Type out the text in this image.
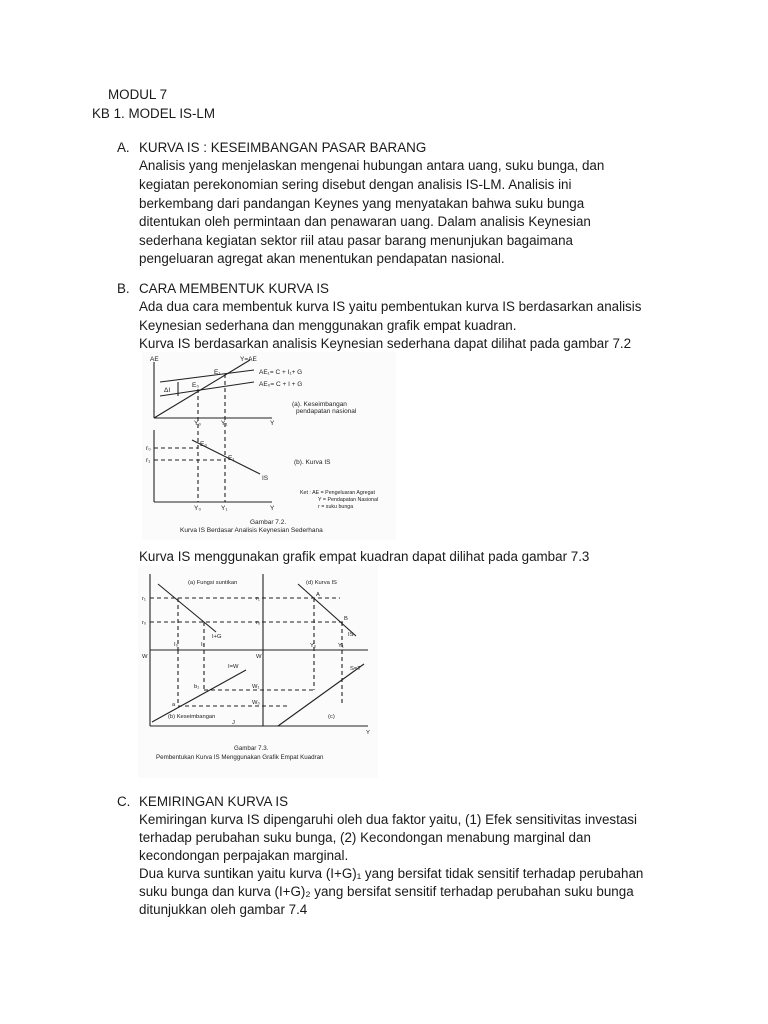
MODUL 7
KB 1. MODEL IS-LM
A. KURVA IS : KESEIMBANGAN PASAR BARANG
Analisis yang menjelaskan mengenai hubungan antara uang, suku bunga, dan
kegiatan perekonomian sering disebut dengan analisis IS-LM. Analisis ini
berkembang dari pandangan Keynes yang menyatakan bahwa suku bunga
ditentukan oleh permintaan dan penawaran uang. Dalam analisis Keynesian
sederhana kegiatan sektor riil atau pasar barang menunjukan bagaimana
pengeluaran agregat akan menentukan pendapatan nasional.
B. CARA MEMBENTUK KURVA IS
Ada dua cara membentuk kurva IS yaitu pembentukan kurva IS berdasarkan analisis
Keynesian sederhana dan menggunakan grafik empat kuadran.
Kurva IS berdasarkan analisis Keynesian sederhana dapat dilihat pada gambar 7.2
AE	Y=AE
E₁
E₀
ΔI
AE₁= C + I₁+ G
AE₀= C + I + G
Y₀	Y₁	Y
(a). Keseimbangan
pendapatan nasional
r₀
r₁
E₀
E₁
IS
(b). Kurva IS
Y₀	Y₁	Y
Ket : AE = Pengeluaran Agregat
Y = Pendapatan Nasional
r = suku bunga
Gambar 7.2.
Kurva IS Berdasar Analisis Keynesian Sederhana
Kurva IS menggunakan grafik empat kuadran dapat dilihat pada gambar 7.3
(a) Fungsi suntikan	(d) Kurva IS
r₁
r₀
r₁
r₀
I+G
I₀	I₁
A
B
IS
Y₀	Y₁
W	W
I=W
W₁
W₀
b₁
a
S=T
(b) Keseimbangan
J
(c)
Y
Gambar 7.3.
Pembentukan Kurva IS Menggunakan Grafik Empat Kuadran
C. KEMIRINGAN KURVA IS
Kemiringan kurva IS dipengaruhi oleh dua faktor yaitu, (1) Efek sensitivitas investasi
terhadap perubahan suku bunga, (2) Kecondongan menabung marginal dan
kecondongan perpajakan marginal.
Dua kurva suntikan yaitu kurva (I+G)₁ yang bersifat tidak sensitif terhadap perubahan
suku bunga dan kurva (I+G)₂ yang bersifat sensitif terhadap perubahan suku bunga
ditunjukkan oleh gambar 7.4
